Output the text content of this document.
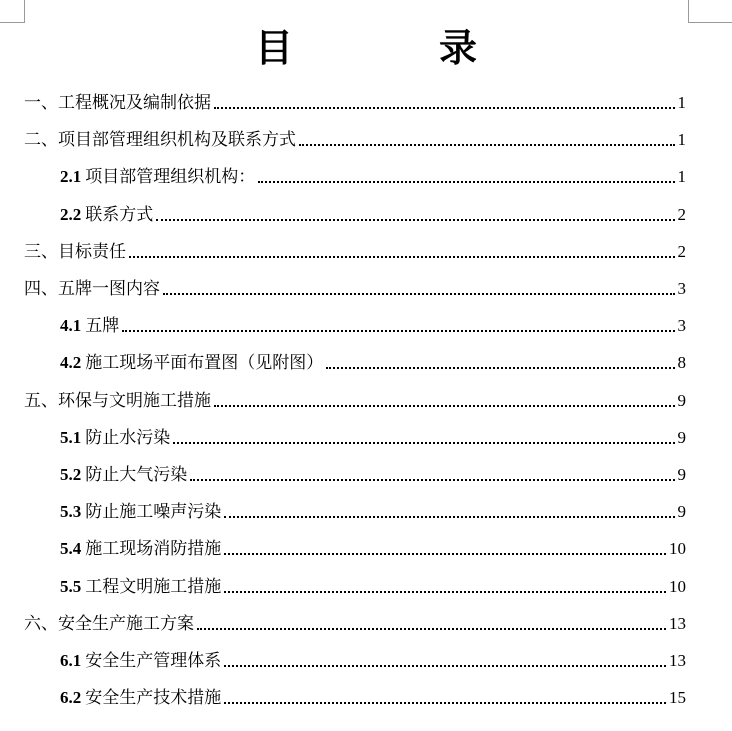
目　录
一、工程概况及编制依据	1
二、项目部管理组织机构及联系方式	1
2.1 项目部管理组织机构：	1
2.2 联系方式	2
三、目标责任	2
四、五牌一图内容	3
4.1 五牌	3
4.2 施工现场平面布置图（见附图）	8
五、环保与文明施工措施	9
5.1 防止水污染	9
5.2 防止大气污染	9
5.3 防止施工噪声污染	9
5.4 施工现场消防措施	10
5.5 工程文明施工措施	10
六、安全生产施工方案	13
6.1 安全生产管理体系	13
6.2 安全生产技术措施	15
